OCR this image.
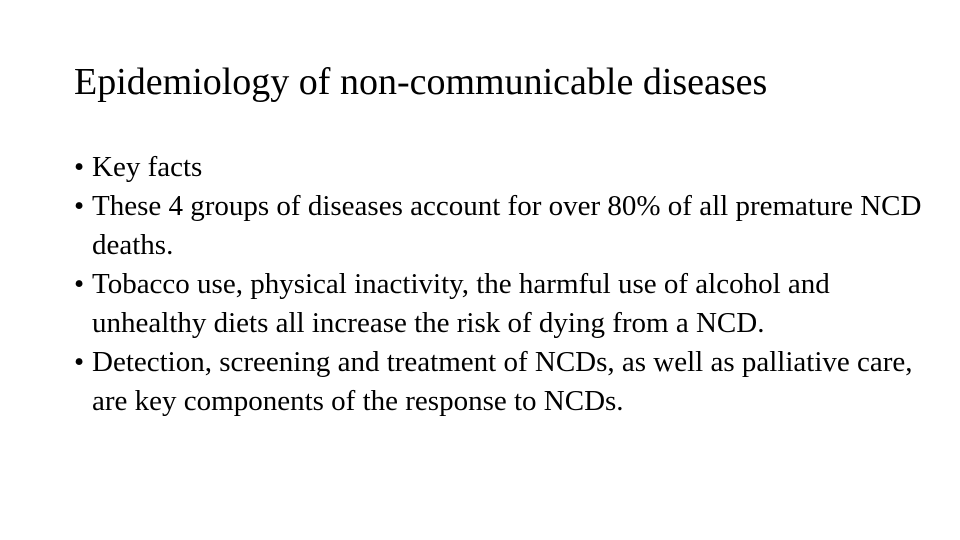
Epidemiology of non-communicable diseases
• Key facts
• These 4 groups of diseases account for over 80% of all premature NCD deaths.
• Tobacco use, physical inactivity, the harmful use of alcohol and unhealthy diets all increase the risk of dying from a NCD.
• Detection, screening and treatment of NCDs, as well as palliative care, are key components of the response to NCDs.
